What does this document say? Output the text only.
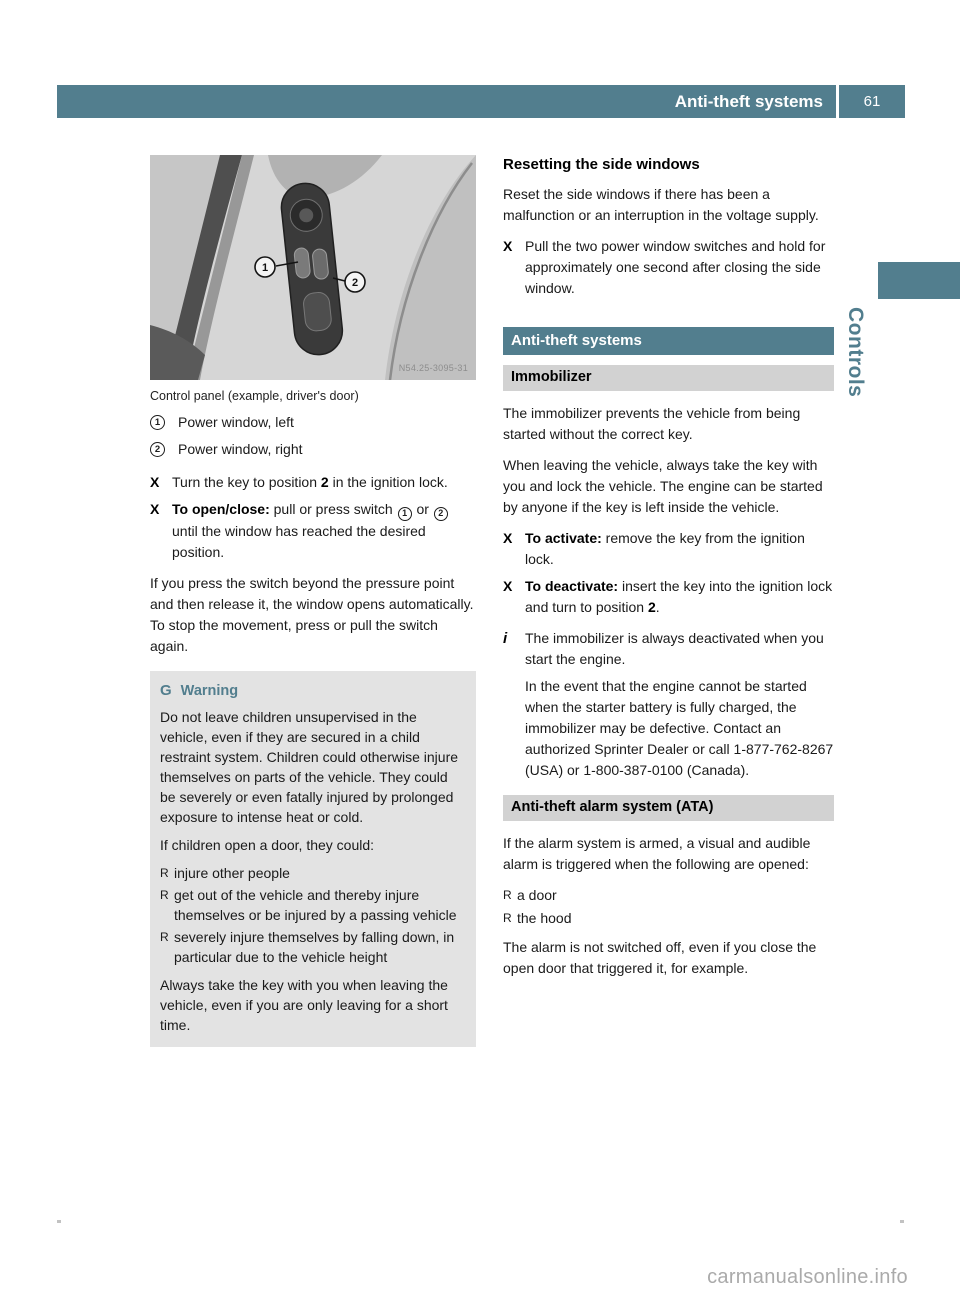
Anti-theft systems	61
Controls
1
2
N54.25-3095-31
Control panel (example, driver's door)
1	Power window, left
2	Power window, right
X Turn the key to position 2 in the ignition lock.
X To open/close: pull or press switch 1 or 2 until the window has reached the desired position.

If you press the switch beyond the pressure point and then release it, the window opens automatically. To stop the movement, press or pull the switch again.

G Warning

Do not leave children unsupervised in the vehicle, even if they are secured in a child restraint system. Children could otherwise injure themselves on parts of the vehicle. They could be severely or even fatally injured by prolonged exposure to intense heat or cold.

If children open a door, they could:

R injure other people
R get out of the vehicle and thereby injure themselves or be injured by a passing vehicle
R severely injure themselves by falling down, in particular due to the vehicle height

Always take the key with you when leaving the vehicle, even if you are only leaving for a short time.

Resetting the side windows

Reset the side windows if there has been a malfunction or an interruption in the voltage supply.

X Pull the two power window switches and hold for approximately one second after closing the side window.
Anti-theft systems
Immobilizer

The immobilizer prevents the vehicle from being started without the correct key.

When leaving the vehicle, always take the key with you and lock the vehicle. The engine can be started by anyone if the key is left inside the vehicle.

X To activate: remove the key from the ignition lock.
X To deactivate: insert the key into the ignition lock and turn to position 2.
i The immobilizer is always deactivated when you start the engine.

In the event that the engine cannot be started when the starter battery is fully charged, the immobilizer may be defective. Contact an authorized Sprinter Dealer or call 1-877-762-8267 (USA) or 1-800-387-0100 (Canada).

Anti-theft alarm system (ATA)

If the alarm system is armed, a visual and audible alarm is triggered when the following are opened:

R a door
R the hood

The alarm is not switched off, even if you close the open door that triggered it, for example.

carmanualsonline.info
